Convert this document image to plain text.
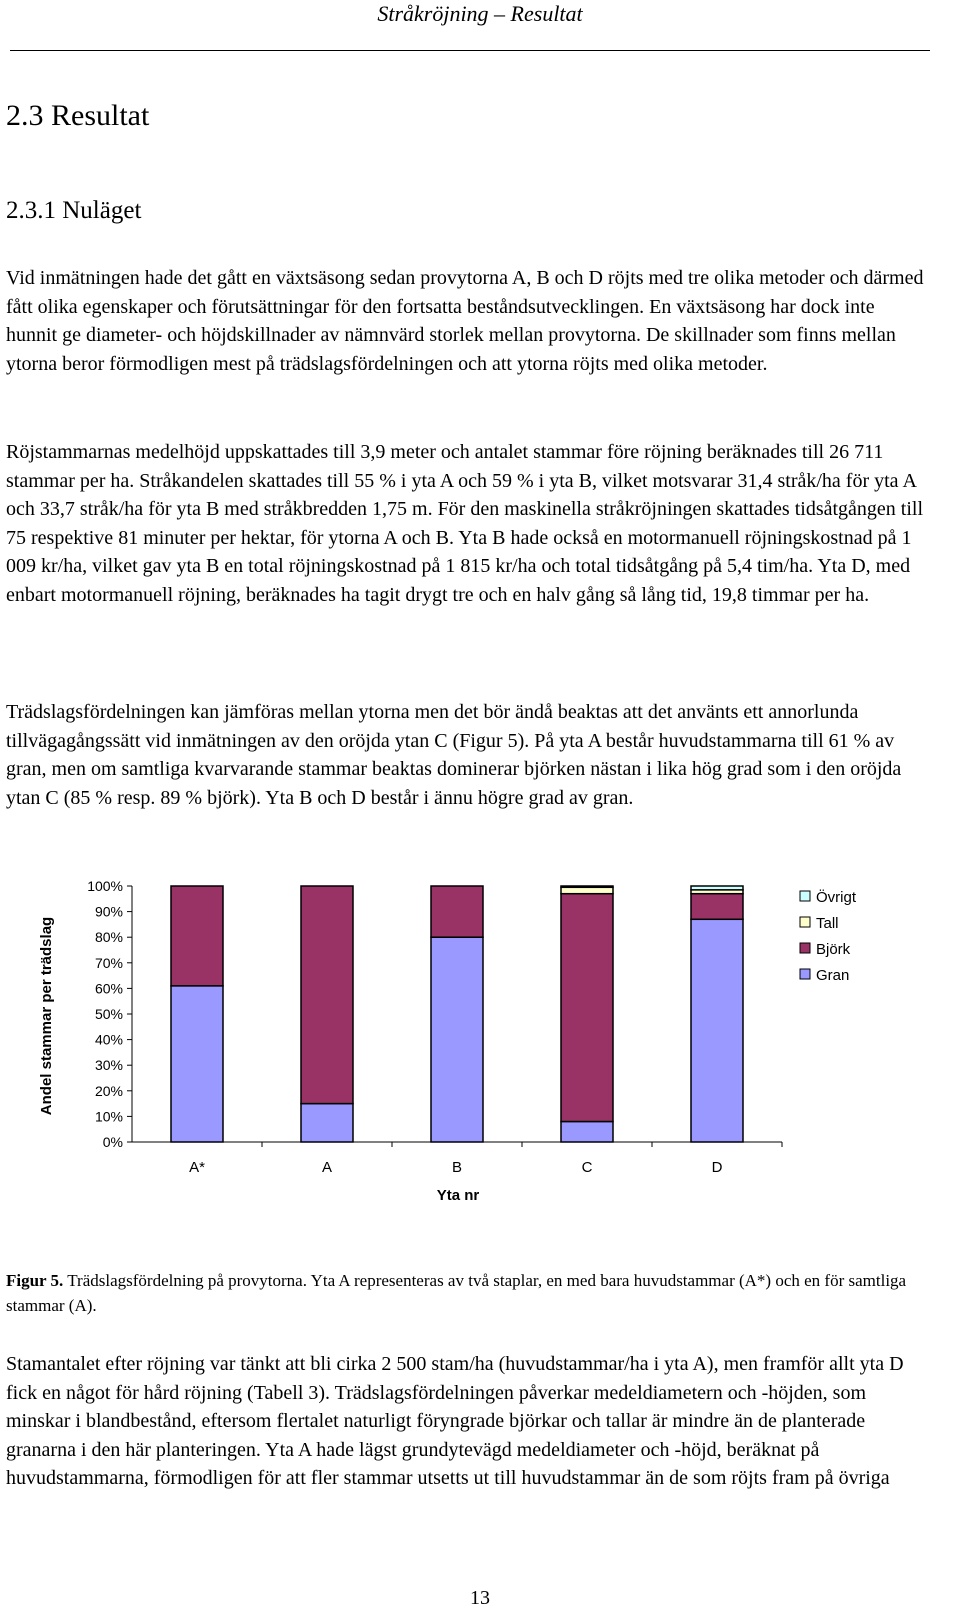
Stråkröjning – Resultat
2.3 Resultat
2.3.1 Nuläget

Vid inmätningen hade det gått en växtsäsong sedan provytorna A, B och D röjts med tre olika metoder och därmed fått olika egenskaper och förutsättningar för den fortsatta beståndsutvecklingen. En växtsäsong har dock inte hunnit ge diameter- och höjdskillnader av nämnvärd storlek mellan provytorna. De skillnader som finns mellan ytorna beror förmodligen mest på trädslagsfördelningen och att ytorna röjts med olika metoder.

Röjstammarnas medelhöjd uppskattades till 3,9 meter och antalet stammar före röjning beräknades till 26 711 stammar per ha. Stråkandelen skattades till 55 % i yta A och 59 % i yta B, vilket motsvarar 31,4 stråk/ha för yta A och 33,7 stråk/ha för yta B med stråkbredden 1,75 m. För den maskinella stråkröjningen skattades tidsåtgången till 75 respektive 81 minuter per hektar, för ytorna A och B. Yta B hade också en motormanuell röjningskostnad på 1 009 kr/ha, vilket gav yta B en total röjningskostnad på 1 815 kr/ha och total tidsåtgång på 5,4 tim/ha. Yta D, med enbart motormanuell röjning, beräknades ha tagit drygt tre och en halv gång så lång tid, 19,8 timmar per ha.

Trädslagsfördelningen kan jämföras mellan ytorna men det bör ändå beaktas att det använts ett annorlunda tillvägagångssätt vid inmätningen av den oröjda ytan C (Figur 5). På yta A består huvudstammarna till 61 % av gran, men om samtliga kvarvarande stammar beaktas dominerar björken nästan i lika hög grad som i den oröjda ytan C (85 % resp. 89 % björk). Yta B och D består i ännu högre grad av gran.

Andel stammar per trädslag
0%
10%
20%
30%
40%
50%
60%
70%
80%
90%
100%
A*	A	B	C	D
Yta nr
Övrigt
Tall
Björk
Gran

Figur 5. Trädslagsfördelning på provytorna. Yta A representeras av två staplar, en med bara huvudstammar (A*) och en för samtliga stammar (A).

Stamantalet efter röjning var tänkt att bli cirka 2 500 stam/ha (huvudstammar/ha i yta A), men framför allt yta D fick en något för hård röjning (Tabell 3). Trädslagsfördelningen påverkar medeldiametern och -höjden, som minskar i blandbestånd, eftersom flertalet naturligt föryngrade björkar och tallar är mindre än de planterade granarna i den här planteringen. Yta A hade lägst grundytevägd medeldiameter och -höjd, beräknat på huvudstammarna, förmodligen för att fler stammar utsetts ut till huvudstammar än de som röjts fram på övriga

13
